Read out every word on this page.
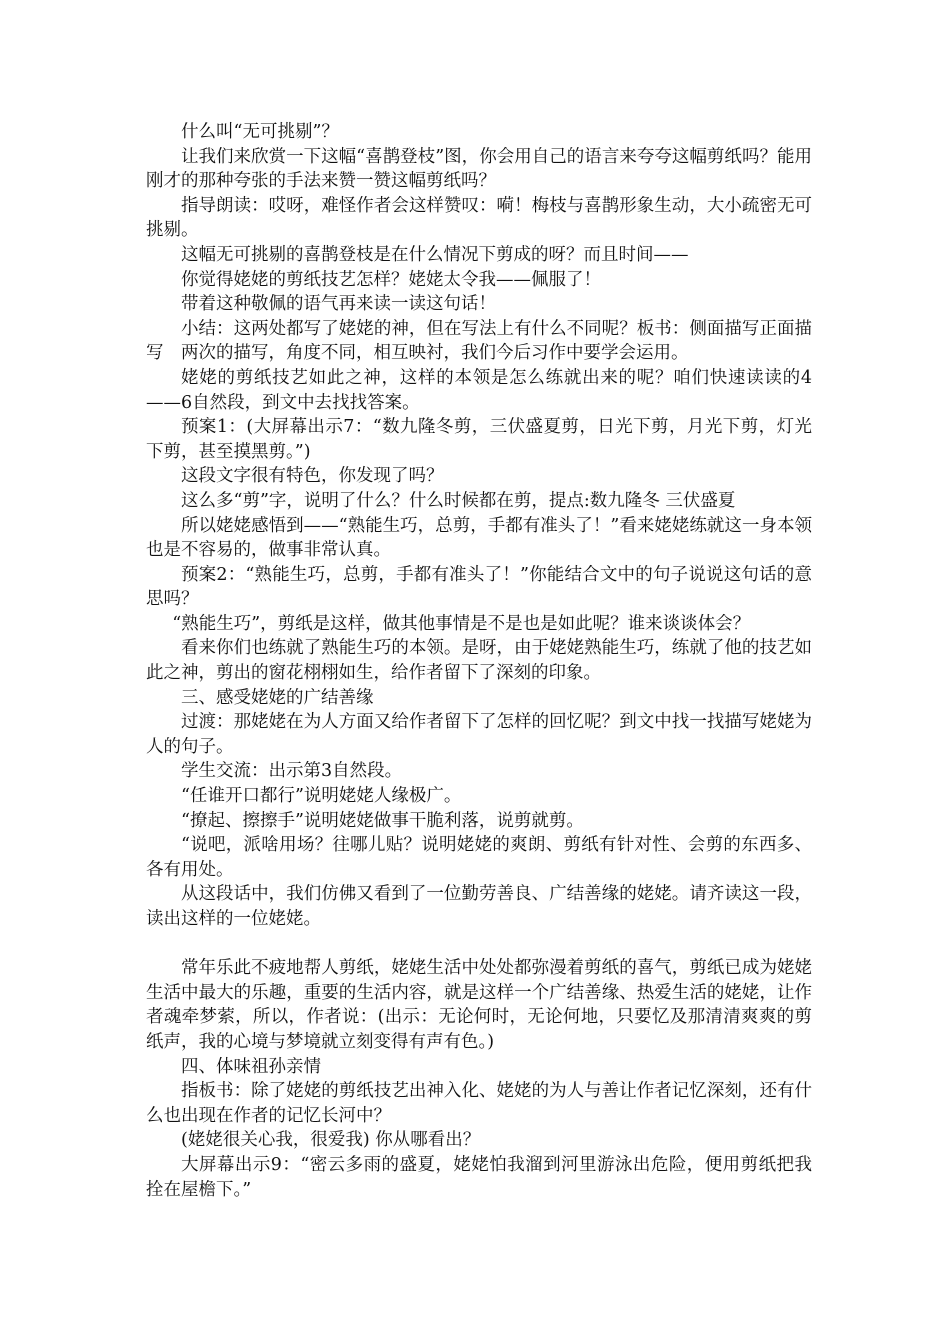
什么叫“无可挑剔”？

让我们来欣赏一下这幅“喜鹊登枝”图，你会用自己的语言来夸夸这幅剪纸吗？能用刚才的那种夸张的手法来赞一赞这幅剪纸吗？

指导朗读：哎呀，难怪作者会这样赞叹：嗬！梅枝与喜鹊形象生动，大小疏密无可挑剔。

这幅无可挑剔的喜鹊登枝是在什么情况下剪成的呀？而且时间——

你觉得姥姥的剪纸技艺怎样？姥姥太令我——佩服了！

带着这种敬佩的语气再来读一读这句话！

小结：这两处都写了姥姥的神，但在写法上有什么不同呢？板书：侧面描写正面描写　两次的描写，角度不同，相互映衬，我们今后习作中要学会运用。

姥姥的剪纸技艺如此之神，这样的本领是怎么练就出来的呢？咱们快速读读的4——6自然段，到文中去找找答案。

预案1：(大屏幕出示7：“数九隆冬剪，三伏盛夏剪，日光下剪，月光下剪，灯光下剪，甚至摸黑剪。”)

这段文字很有特色，你发现了吗？

这么多“剪”字，说明了什么？什么时候都在剪，提点:数九隆冬 三伏盛夏

所以姥姥感悟到——“熟能生巧，总剪，手都有准头了！”看来姥姥练就这一身本领也是不容易的，做事非常认真。

预案2：“熟能生巧，总剪，手都有准头了！”你能结合文中的句子说说这句话的意思吗？

“熟能生巧”，剪纸是这样，做其他事情是不是也是如此呢？谁来谈谈体会？

看来你们也练就了熟能生巧的本领。是呀，由于姥姥熟能生巧，练就了他的技艺如此之神，剪出的窗花栩栩如生，给作者留下了深刻的印象。

三、感受姥姥的广结善缘

过渡：那姥姥在为人方面又给作者留下了怎样的回忆呢？到文中找一找描写姥姥为人的句子。

学生交流：出示第3自然段。

“任谁开口都行”说明姥姥人缘极广。

“撩起、擦擦手”说明姥姥做事干脆利落，说剪就剪。

“说吧，派啥用场？往哪儿贴？说明姥姥的爽朗、剪纸有针对性、会剪的东西多、各有用处。

从这段话中，我们仿佛又看到了一位勤劳善良、广结善缘的姥姥。请齐读这一段，读出这样的一位姥姥。

常年乐此不疲地帮人剪纸，姥姥生活中处处都弥漫着剪纸的喜气，剪纸已成为姥姥生活中最大的乐趣，重要的生活内容，就是这样一个广结善缘、热爱生活的姥姥，让作者魂牵梦萦，所以，作者说：(出示：无论何时，无论何地，只要忆及那清清爽爽的剪纸声，我的心境与梦境就立刻变得有声有色。)

四、体味祖孙亲情

指板书：除了姥姥的剪纸技艺出神入化、姥姥的为人与善让作者记忆深刻，还有什么也出现在作者的记忆长河中？

(姥姥很关心我，很爱我) 你从哪看出？

大屏幕出示9：“密云多雨的盛夏，姥姥怕我溜到河里游泳出危险，便用剪纸把我拴在屋檐下。”
